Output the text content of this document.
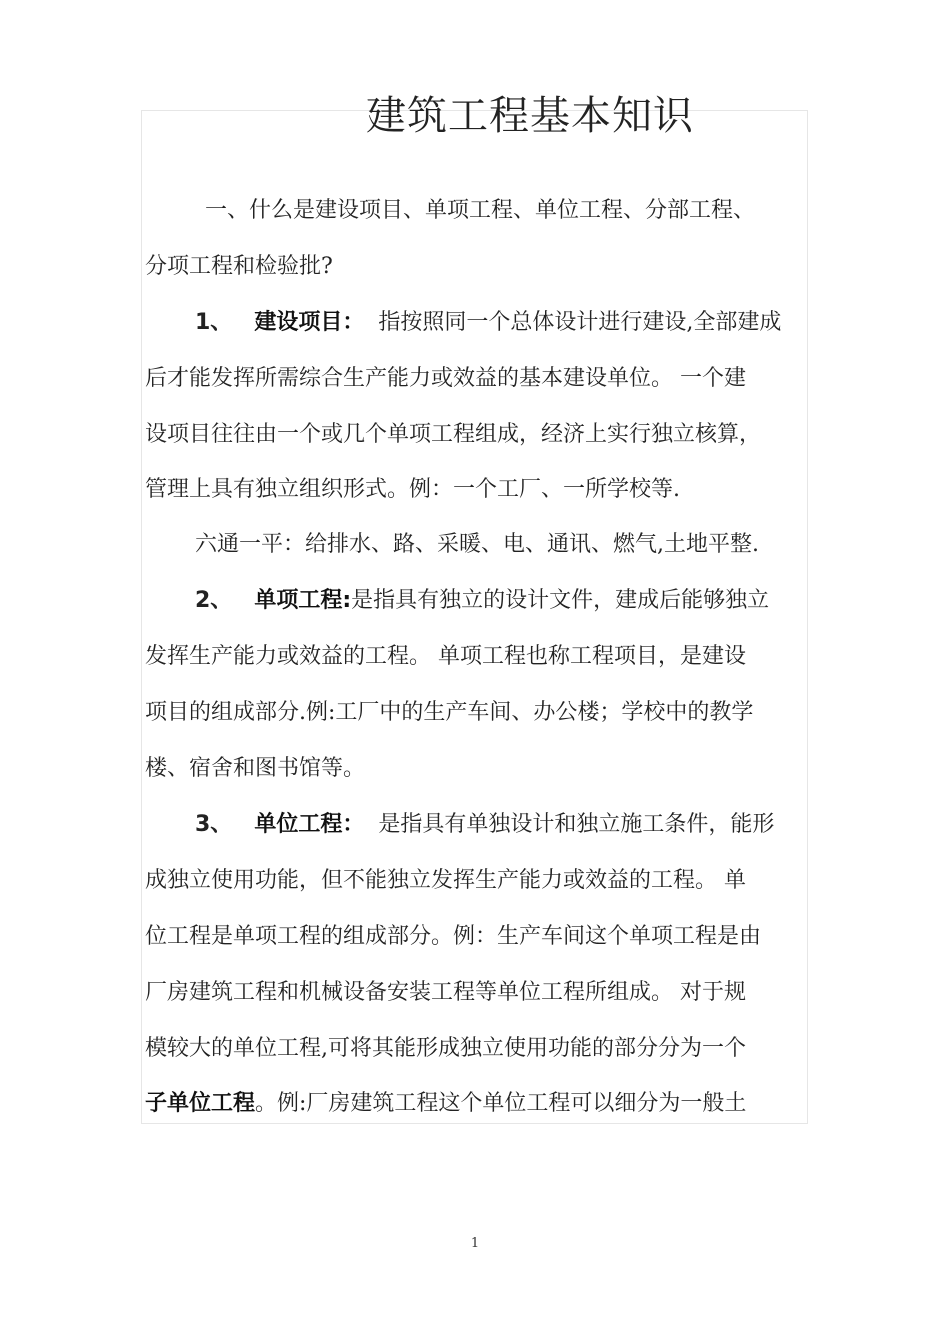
建筑工程基本知识
一、什么是建设项目、单项工程、单位工程、分部工程、
分项工程和检验批?
1、 建设项目： 指按照同一个总体设计进行建设,全部建成
后才能发挥所需综合生产能力或效益的基本建设单位。 一个建
设项目往往由一个或几个单项工程组成，经济上实行独立核算，
管理上具有独立组织形式。例：一个工厂、一所学校等.
六通一平：给排水、路、采暖、电、通讯、燃气,土地平整.
2、 单项工程:是指具有独立的设计文件，建成后能够独立
发挥生产能力或效益的工程。 单项工程也称工程项目，是建设
项目的组成部分.例:工厂中的生产车间、办公楼；学校中的教学
楼、宿舍和图书馆等。
3、 单位工程： 是指具有单独设计和独立施工条件，能形
成独立使用功能，但不能独立发挥生产能力或效益的工程。 单
位工程是单项工程的组成部分。例：生产车间这个单项工程是由
厂房建筑工程和机械设备安装工程等单位工程所组成。 对于规
模较大的单位工程,可将其能形成独立使用功能的部分分为一个
子单位工程。例:厂房建筑工程这个单位工程可以细分为一般土
1
